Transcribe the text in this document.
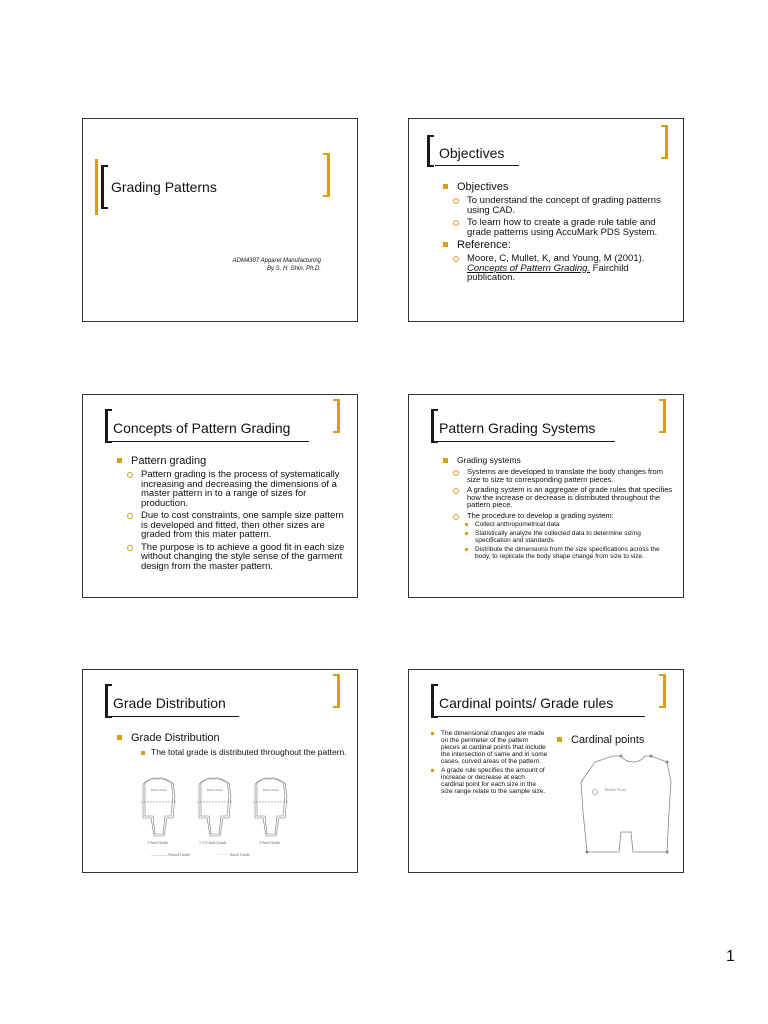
Grading Patterns
ADM4307 Apparel Manufacturing
By S. H. Shin, Ph.D.
Objectives
Objectives
To understand the concept of grading patterns using CAD.
To learn how to create a grade rule table and grade patterns using AccuMark PDS System.
Reference:
Moore, C, Mullet, K, and Young, M (2001). Concepts of Pattern Grading. Fairchild publication.
Concepts of Pattern Grading
Pattern grading
Pattern grading is the process of systematically increasing and decreasing the dimensions of a master pattern in to a range of sizes for production.
Due to cost constraints, one sample size pattern is developed and fitted, then other sizes are graded from this mater pattern.
The purpose is to achieve a good fit in each size without changing the style sense of the garment design from the master pattern.
Pattern Grading Systems
Grading systems
Systems are developed to translate the body changes from size to size to corresponding pattern pieces.
A grading system is an aggregate of grade rules that specifies how the increase or decrease is distributed throughout the pattern piece.
The procedure to develop a grading system:
Collect anthropometrical data
Statistically analyze the collected data to determine sizing specification and standards
Distribute the dimensions from the size specifications across the body, to replicate the body shape change from size to size.
Grade Distribution
Grade Distribution
The total grade is distributed throughout the pattern.
Bodice Front	Bodice Front	Bodice Front
1-Inch Grade	1 1/2-Inch Grade	2-Inch Grade
———— Nested Grade	············ Stack Grade
Cardinal points/ Grade rules
The dimensional changes are made on the perimeter of the pattern pieces at cardinal points that include the intersection of same and in some cases, curved areas of the pattern.
A grade rule specifies the amount of increase or decrease at each cardinal point for each size in the size range relate to the sample size.
Cardinal points
Bodice Front
1
